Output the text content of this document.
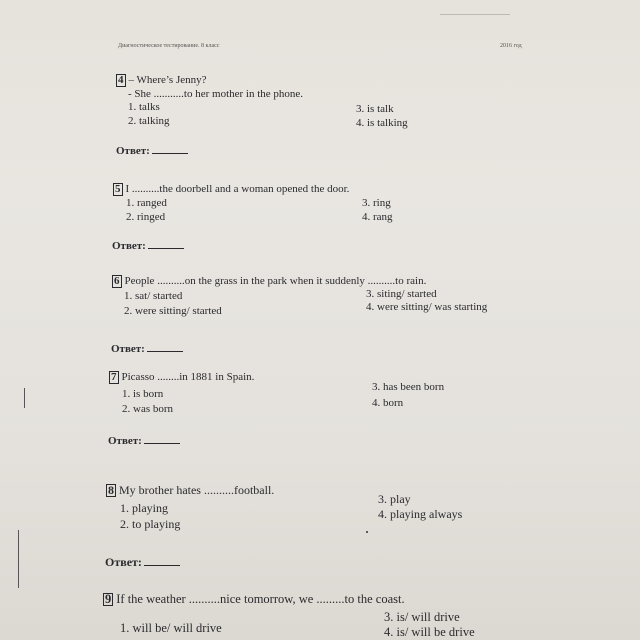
Диагностическое тестирование. 8 класс	2016 год
4 – Where’s Jenny?
- She ...........to her mother in the phone.
1. talks
2. talking
3. is talk
4. is talking
Ответ:
5 I ..........the doorbell and a woman opened the door.
1. ranged
2. ringed
3. ring
4. rang
Ответ:
6 People ..........on the grass in the park when it suddenly ..........to rain.
1. sat/ started
2. were sitting/ started
3. siting/ started
4. were sitting/ was starting
Ответ:
7 Picasso ........in 1881 in Spain.
1. is born
2. was born
3. has been born
4. born
Ответ:
8 My brother hates ..........football.
1. playing
2. to playing
3. play
4. playing always
Ответ:
9 If the weather ..........nice tomorrow, we .........to the coast.
1. will be/ will drive
3. is/ will drive
4. is/ will be drive
